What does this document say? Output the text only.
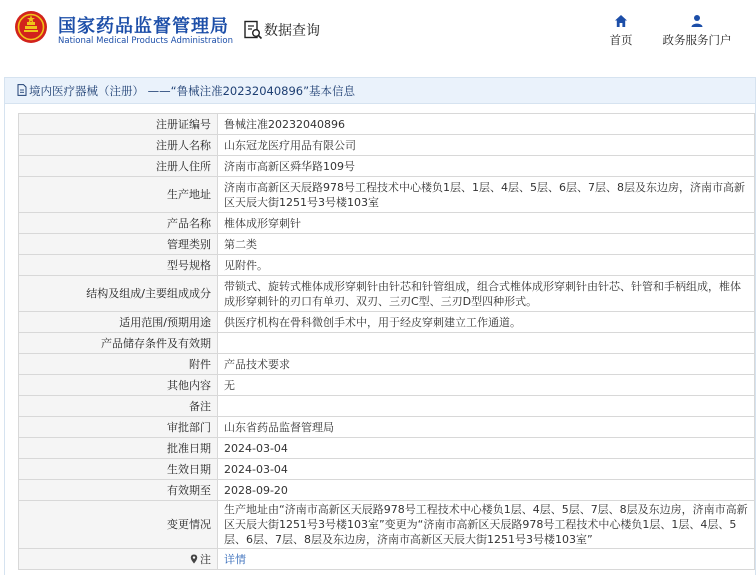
国家药品监督管理局
National Medical Products Administration
数据查询
首页	政务服务门户
境内医疗器械（注册） ——“鲁械注准20232040896”基本信息
注册证编号	鲁械注准20232040896
注册人名称	山东冠龙医疗用品有限公司
注册人住所	济南市高新区舜华路109号
生产地址	济南市高新区天辰路978号工程技术中心楼负1层、1层、4层、5层、6层、7层、8层及东边房，济南市高新区天辰大街1251号3号楼103室
产品名称	椎体成形穿刺针
管理类别	第二类
型号规格	见附件。
结构及组成/主要组成成分	带锁式、旋转式椎体成形穿刺针由针芯和针管组成，组合式椎体成形穿刺针由针芯、针管和手柄组成，椎体成形穿刺针的刃口有单刃、双刃、三刃C型、三刃D型四种形式。
适用范围/预期用途	供医疗机构在骨科微创手术中，用于经皮穿刺建立工作通道。
产品储存条件及有效期	
附件	产品技术要求
其他内容	无
备注	
审批部门	山东省药品监督管理局
批准日期	2024-03-04
生效日期	2024-03-04
有效期至	2028-09-20
变更情况	生产地址由“济南市高新区天辰路978号工程技术中心楼负1层、4层、5层、7层、8层及东边房，济南市高新区天辰大街1251号3号楼103室”变更为“济南市高新区天辰路978号工程技术中心楼负1层、1层、4层、5层、6层、7层、8层及东边房，济南市高新区天辰大街1251号3号楼103室”
注	详情
